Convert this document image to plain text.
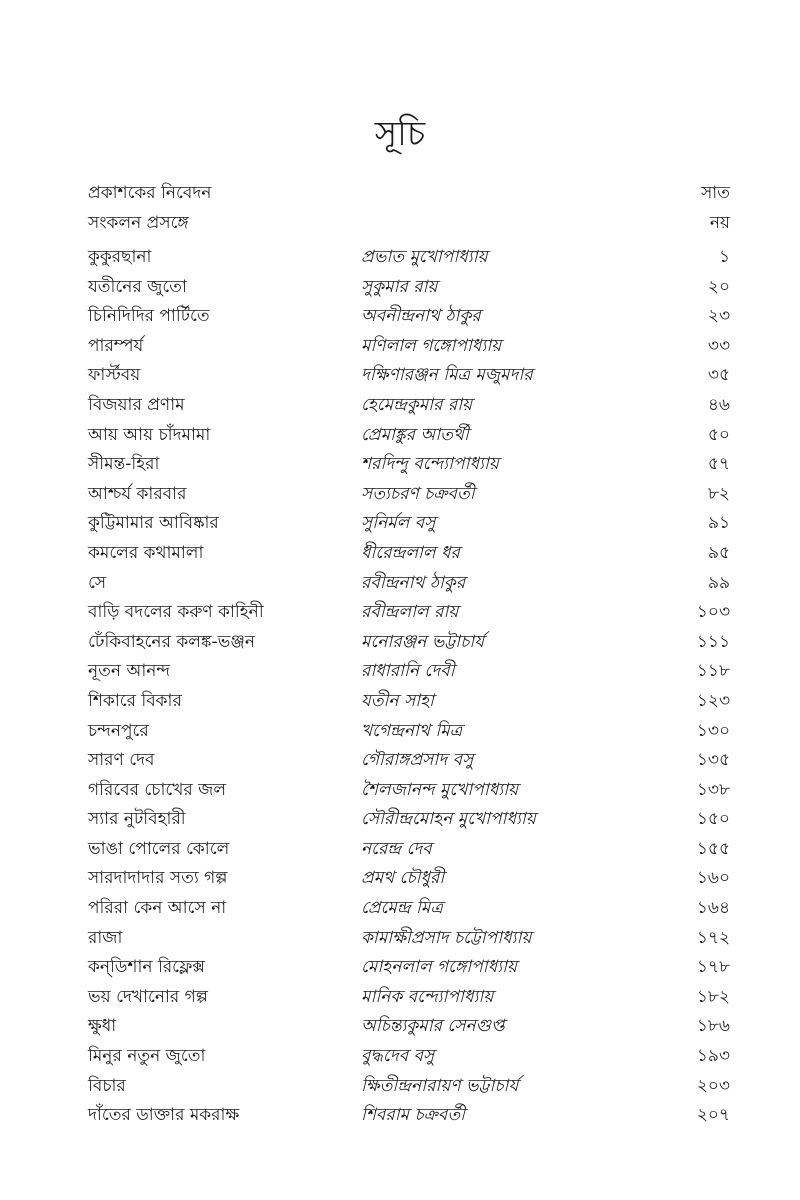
সূচি
প্রকাশকের নিবেদন	সাত
সংকলন প্রসঙ্গে	নয়
কুকুরছানা	প্রভাত মুখোপাধ্যায়	১
যতীনের জুতো	সুকুমার রায়	২০
চিনিদিদির পার্টিতে	অবনীন্দ্রনাথ ঠাকুর	২৩
পারম্পর্য	মণিলাল গঙ্গোপাধ্যায়	৩৩
ফার্স্টবয়	দক্ষিণারঞ্জন মিত্র মজুমদার	৩৫
বিজয়ার প্রণাম	হেমেন্দ্রকুমার রায়	৪৬
আয় আয় চাঁদমামা	প্রেমাঙ্কুর আতর্থী	৫০
সীমন্ত-হিরা	শরদিন্দু বন্দ্যোপাধ্যায়	৫৭
আশ্চর্য কারবার	সত্যচরণ চক্রবর্তী	৮২
কুট্টিমামার আবিষ্কার	সুনির্মল বসু	৯১
কমলের কথামালা	ধীরেন্দ্রলাল ধর	৯৫
সে	রবীন্দ্রনাথ ঠাকুর	৯৯
বাড়ি বদলের করুণ কাহিনী	রবীন্দ্রলাল রায়	১০৩
ঢেঁকিবাহনের কলঙ্ক-ভঞ্জন	মনোরঞ্জন ভট্টাচার্য	১১১
নূতন আনন্দ	রাধারানি দেবী	১১৮
শিকারে বিকার	যতীন সাহা	১২৩
চন্দনপুরে	খগেন্দ্রনাথ মিত্র	১৩০
সারণ দেব	গৌরাঙ্গপ্রসাদ বসু	১৩৫
গরিবের চোখের জল	শৈলজানন্দ মুখোপাধ্যায়	১৩৮
স্যার নুটবিহারী	সৌরীন্দ্রমোহন মুখোপাধ্যায়	১৫০
ভাঙা পোলের কোলে	নরেন্দ্র দেব	১৫৫
সারদাদাদার সত্য গল্প	প্রমথ চৌধুরী	১৬০
পরিরা কেন আসে না	প্রেমেন্দ্র মিত্র	১৬৪
রাজা	কামাক্ষীপ্রসাদ চট্টোপাধ্যায়	১৭২
কন্‌ডিশান রিফ্লেক্স	মোহনলাল গঙ্গোপাধ্যায়	১৭৮
ভয় দেখানোর গল্প	মানিক বন্দ্যোপাধ্যায়	১৮২
ক্ষুধা	অচিন্ত্যকুমার সেনগুপ্ত	১৮৬
মিনুর নতুন জুতো	বুদ্ধদেব বসু	১৯৩
বিচার	ক্ষিতীন্দ্রনারায়ণ ভট্টাচার্য	২০৩
দাঁতের ডাক্তার মকরাক্ষ	শিবরাম চক্রবর্তী	২০৭
